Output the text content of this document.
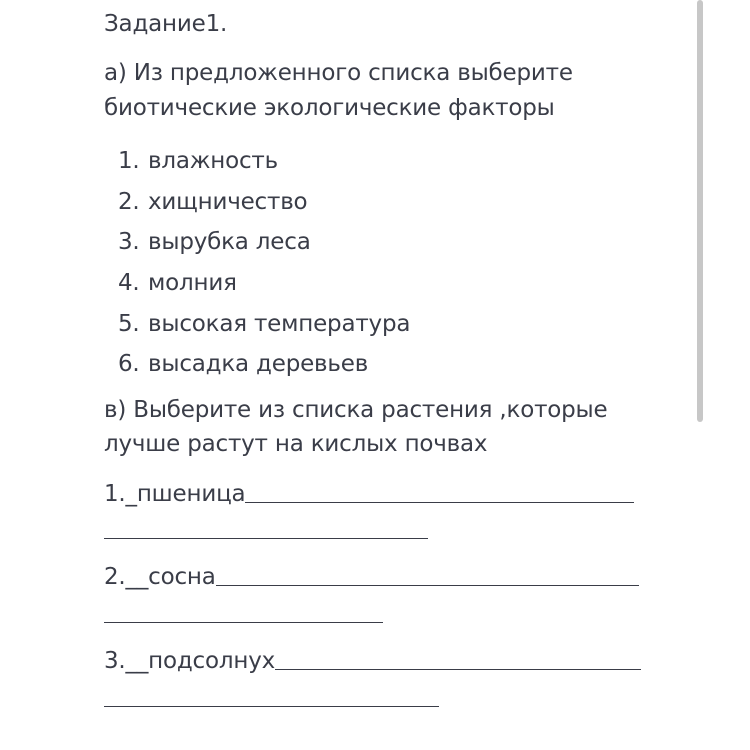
Задание1.
а) Из предложенного списка выберите
биотические экологические факторы
1. влажность
2. хищничество
3. вырубка леса
4. молния
5. высокая температура
6. высадка деревьев
в) Выберите из списка растения ,которые
лучше растут на кислых почвах
1._пшеница
2.__сосна
3.__подсолнух
